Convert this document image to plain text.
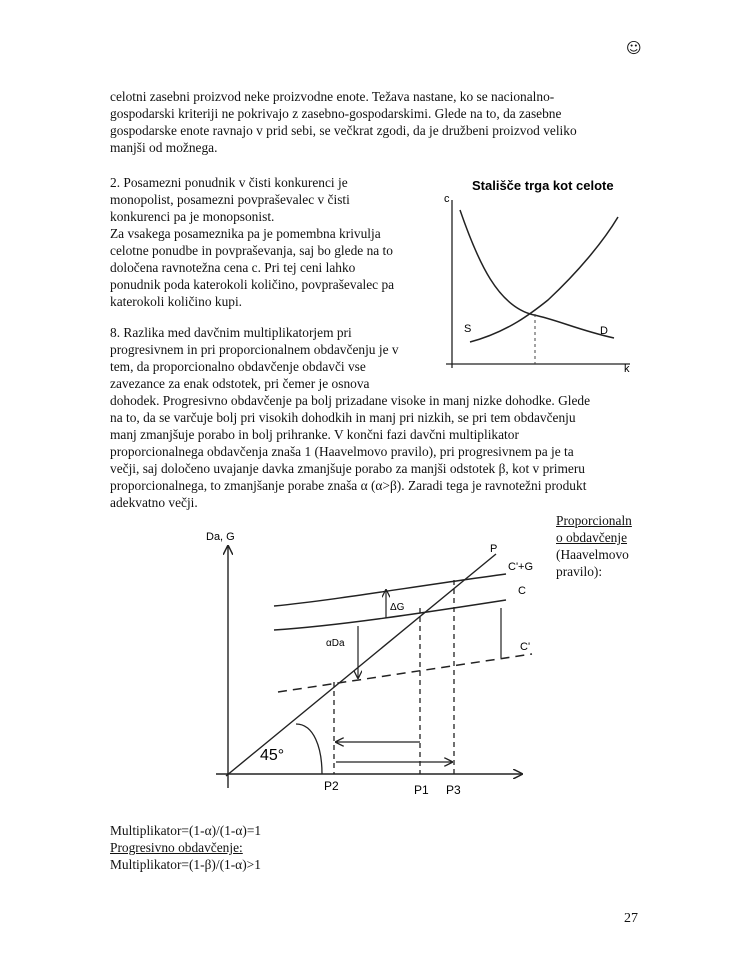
☺
celotni zasebni proizvod neke proizvodne enote. Težava nastane, ko se nacionalno-
gospodarski kriteriji ne pokrivajo z zasebno-gospodarskimi. Glede na to, da zasebne
gospodarske enote ravnajo v prid sebi, se večkrat zgodi, da je družbeni proizvod veliko
manjši od možnega.
2. Posamezni ponudnik v čisti konkurenci je
monopolist, posamezni povpraševalec v čisti
konkurenci pa je monopsonist.
Za vsakega posameznika pa je pomembna krivulja
celotne ponudbe in povpraševanja, saj bo glede na to
določena ravnotežna cena c. Pri tej ceni lahko
ponudnik poda katerokoli količino, povpraševalec pa
katerokoli količino kupi.
8. Razlika med davčnim multiplikatorjem pri
progresivnem in pri proporcionalnem obdavčenju je v
tem, da proporcionalno obdavčenje obdavči vse
zavezance za enak odstotek, pri čemer je osnova
dohodek. Progresivno obdavčenje pa bolj prizadane visoke in manj nizke dohodke. Glede
na to, da se varčuje bolj pri visokih dohodkih in manj pri nizkih, se pri tem obdavčenju
manj zmanjšuje porabo in bolj prihranke. V končni fazi davčni multiplikator
proporcionalnega obdavčenja znaša 1 (Haavelmovo pravilo), pri progresivnem pa je ta
večji, saj določeno uvajanje davka zmanjšuje porabo za manjši odstotek β, kot v primeru
proporcionalnega, to zmanjšanje porabe znaša α (α>β). Zaradi tega je ravnotežni produkt
adekvatno večji.
Stališče trga kot celote
c
k
S	D
Proporcionaln
o obdavčenje
(Haavelmovo
pravilo):
Da, G
P
C'+G
C
C'
ΔG
αDa
45°
P2	P1 P3
Multiplikator=(1-α)/(1-α)=1
Progresivno obdavčenje:
Multiplikator=(1-β)/(1-α)>1
27
